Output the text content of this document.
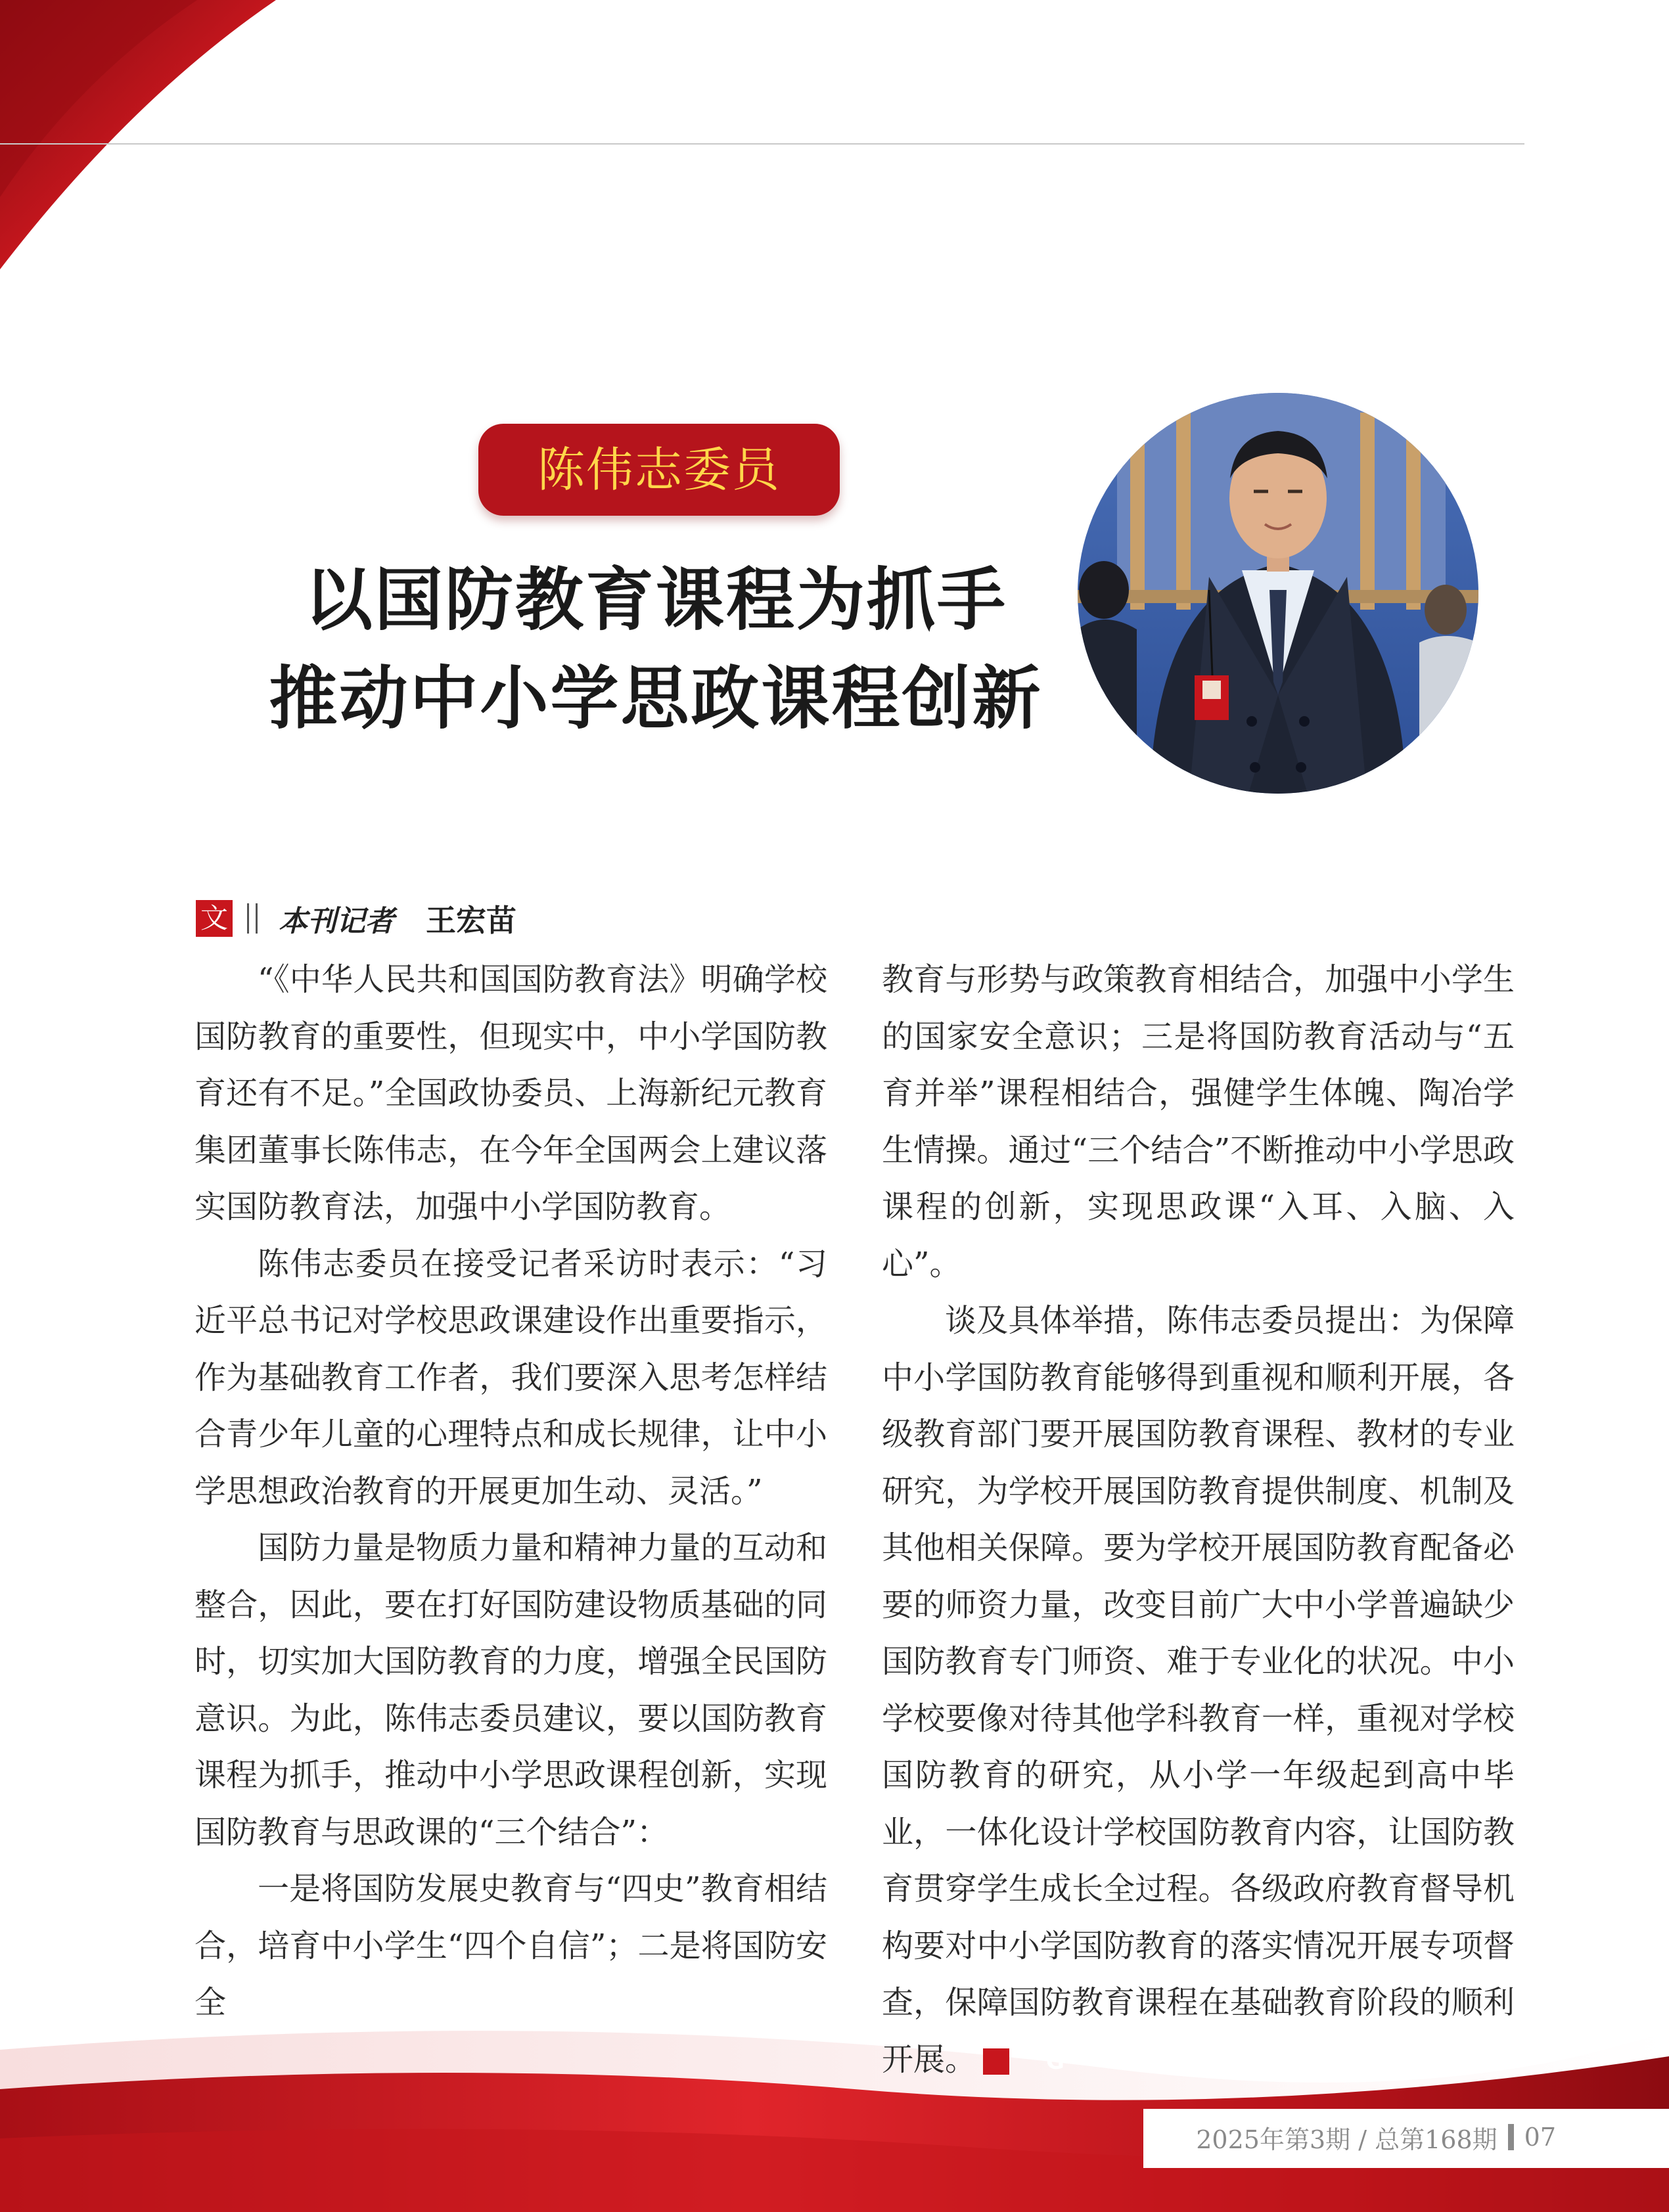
陈伟志委员
以国防教育课程为抓手
推动中小学思政课程创新
文 本刊记者 王宏苗

“《中华人民共和国国防教育法》明确学校国防教育的重要性，但现实中，中小学国防教育还有不足。”全国政协委员、上海新纪元教育集团董事长陈伟志，在今年全国两会上建议落实国防教育法，加强中小学国防教育。

陈伟志委员在接受记者采访时表示：“习近平总书记对学校思政课建设作出重要指示，作为基础教育工作者，我们要深入思考怎样结合青少年儿童的心理特点和成长规律，让中小学思想政治教育的开展更加生动、灵活。”

国防力量是物质力量和精神力量的互动和整合，因此，要在打好国防建设物质基础的同时，切实加大国防教育的力度，增强全民国防意识。为此，陈伟志委员建议，要以国防教育课程为抓手，推动中小学思政课程创新，实现国防教育与思政课的“三个结合”：

一是将国防发展史教育与“四史”教育相结合，培育中小学生“四个自信”；二是将国防安全

教育与形势与政策教育相结合，加强中小学生的国家安全意识；三是将国防教育活动与“五育并举”课程相结合，强健学生体魄、陶冶学生情操。通过“三个结合”不断推动中小学思政课程的创新，实现思政课“入耳、入脑、入心”。

谈及具体举措，陈伟志委员提出：为保障中小学国防教育能够得到重视和顺利开展，各级教育部门要开展国防教育课程、教材的专业研究，为学校开展国防教育提供制度、机制及其他相关保障。要为学校开展国防教育配备必要的师资力量，改变目前广大中小学普遍缺少国防教育专门师资、难于专业化的状况。中小学校要像对待其他学科教育一样，重视对学校国防教育的研究，从小学一年级起到高中毕业，一体化设计学校国防教育内容，让国防教育贯穿学生成长全过程。各级政府教育督导机构要对中小学国防教育的落实情况开展专项督查，保障国防教育课程在基础教育阶段的顺利开展。	G

2025年第3期 / 总第168期 07
